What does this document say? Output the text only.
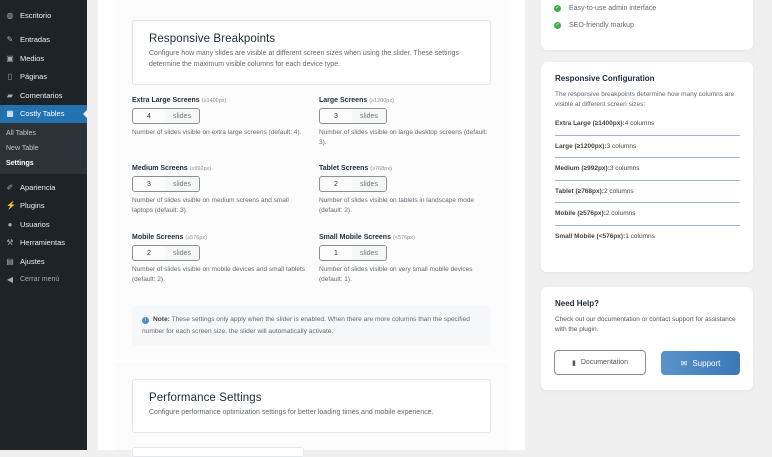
◍ Escritorio
✎ Entradas
▣ Medios
▯ Páginas
▰ Comentarios
▦ Costly Tables
All Tables
New Table
Settings
✐ Apariencia
⚡ Plugins
● Usuarios
⚒ Herramientas
▤ Ajustes
◀ Cerrar menú
Responsive Breakpoints
Configure how many slides are visible at different screen sizes when using the slider. These settings determine the maximum visible columns for each device type.
Extra Large Screens (≥1400px)
4	slides
Number of slides visible on extra large screens (default: 4).
Large Screens (≥1200px)
3	slides
Number of slides visible on large desktop screens (default: 3).
Medium Screens (≥992px)
3	slides
Number of slides visible on medium screens and small laptops (default: 3).
Tablet Screens (≥768px)
2	slides
Number of slides visible on tablets in landscape mode (default: 2).
Mobile Screens (≥576px)
2	slides
Number of slides visible on mobile devices and small tablets (default: 2).
Small Mobile Screens (<576px)
1	slides
Number of slides visible on very small mobile devices (default: 1).
i Note: These settings only apply when the slider is enabled. When there are more columns than the specified number for each screen size, the slider will automatically activate.
Performance Settings
Configure performance optimization settings for better loading times and mobile experience.
✓ Easy-to-use admin interface
✓ SEO-friendly markup
Responsive Configuration
The responsive breakpoints determine how many columns are visible at different screen sizes:
Extra Large (≥1400px): 4 columns
Large (≥1200px): 3 columns
Medium (≥992px): 3 columns
Tablet (≥768px): 2 columns
Mobile (≥576px): 2 columns
Small Mobile (<576px): 1 columns
Need Help?
Check out our documentation or contact support for assistance with the plugin.
▮ Documentation	✉ Support
